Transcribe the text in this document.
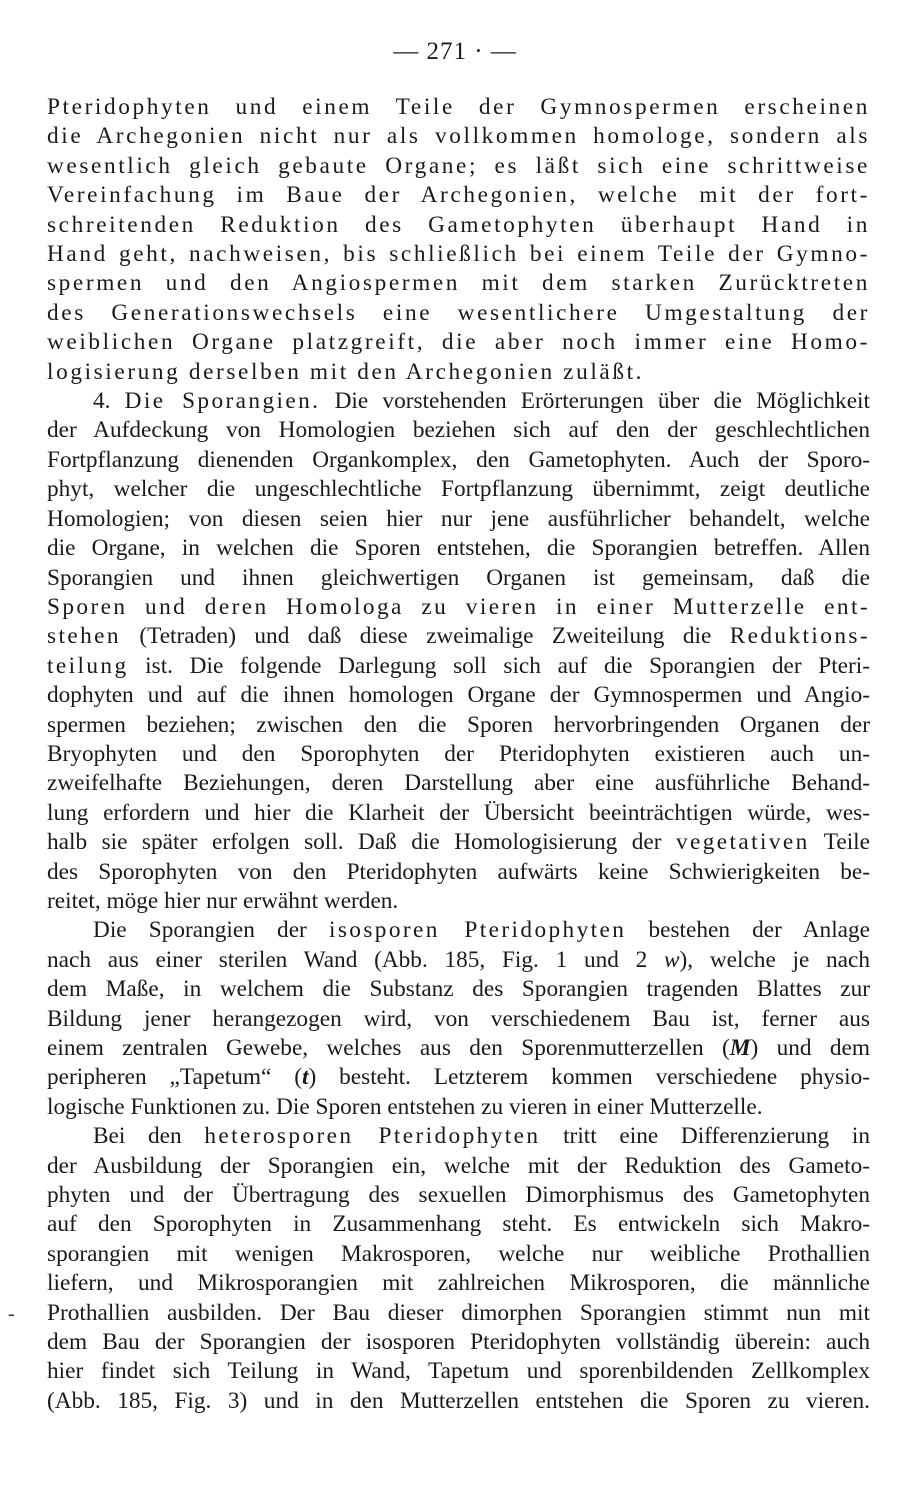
— 271 · —
-

Pteridophyten und einem Teile der Gymnospermen erscheinen
die Archegonien nicht nur als vollkommen homologe, sondern als
wesentlich gleich gebaute Organe; es läßt sich eine schrittweise
Vereinfachung im Baue der Archegonien, welche mit der fort-
schreitenden Reduktion des Gametophyten überhaupt Hand in
Hand geht, nachweisen, bis schließlich bei einem Teile der Gymno-
spermen und den Angiospermen mit dem starken Zurücktreten
des Generationswechsels eine wesentlichere Umgestaltung der
weiblichen Organe platzgreift, die aber noch immer eine Homo-
logisierung derselben mit den Archegonien zuläßt.

4. Die Sporangien. Die vorstehenden Erörterungen über die Möglichkeit
der Aufdeckung von Homologien beziehen sich auf den der geschlechtlichen
Fortpflanzung dienenden Organkomplex, den Gametophyten. Auch der Sporo-
phyt, welcher die ungeschlechtliche Fortpflanzung übernimmt, zeigt deutliche
Homologien; von diesen seien hier nur jene ausführlicher behandelt, welche
die Organe, in welchen die Sporen entstehen, die Sporangien betreffen. Allen
Sporangien und ihnen gleichwertigen Organen ist gemeinsam, daß die
Sporen und deren Homologa zu vieren in einer Mutterzelle ent-
stehen (Tetraden) und daß diese zweimalige Zweiteilung die Reduktions-
teilung ist. Die folgende Darlegung soll sich auf die Sporangien der Pteri-
dophyten und auf die ihnen homologen Organe der Gymnospermen und Angio-
spermen beziehen; zwischen den die Sporen hervorbringenden Organen der
Bryophyten und den Sporophyten der Pteridophyten existieren auch un-
zweifelhafte Beziehungen, deren Darstellung aber eine ausführliche Behand-
lung erfordern und hier die Klarheit der Übersicht beeinträchtigen würde, wes-
halb sie später erfolgen soll. Daß die Homologisierung der vegetativen Teile
des Sporophyten von den Pteridophyten aufwärts keine Schwierigkeiten be-
reitet, möge hier nur erwähnt werden.

Die Sporangien der isosporen Pteridophyten bestehen der Anlage
nach aus einer sterilen Wand (Abb. 185, Fig. 1 und 2 w), welche je nach
dem Maße, in welchem die Substanz des Sporangien tragenden Blattes zur
Bildung jener herangezogen wird, von verschiedenem Bau ist, ferner aus
einem zentralen Gewebe, welches aus den Sporenmutterzellen (M) und dem
peripheren „Tapetum“ (t) besteht. Letzterem kommen verschiedene physio-
logische Funktionen zu. Die Sporen entstehen zu vieren in einer Mutterzelle.

Bei den heterosporen Pteridophyten tritt eine Differenzierung in
der Ausbildung der Sporangien ein, welche mit der Reduktion des Gameto-
phyten und der Übertragung des sexuellen Dimorphismus des Gametophyten
auf den Sporophyten in Zusammenhang steht. Es entwickeln sich Makro-
sporangien mit wenigen Makrosporen, welche nur weibliche Prothallien
liefern, und Mikrosporangien mit zahlreichen Mikrosporen, die männliche
Prothallien ausbilden. Der Bau dieser dimorphen Sporangien stimmt nun mit
dem Bau der Sporangien der isosporen Pteridophyten vollständig überein: auch
hier findet sich Teilung in Wand, Tapetum und sporenbildenden Zellkomplex
(Abb. 185, Fig. 3) und in den Mutterzellen entstehen die Sporen zu vieren.
